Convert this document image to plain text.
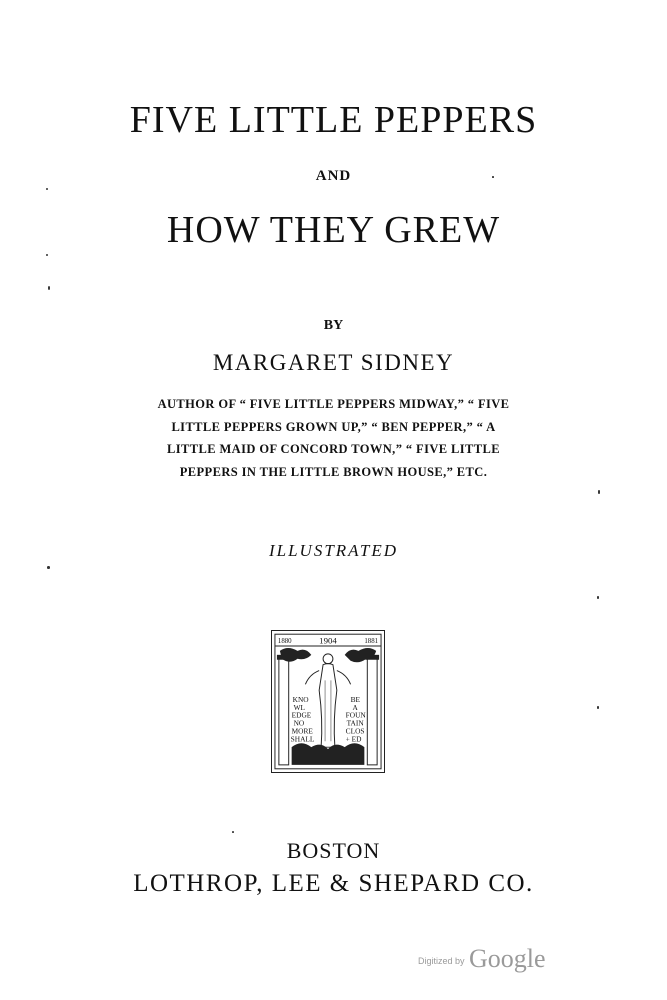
FIVE LITTLE PEPPERS
AND
HOW THEY GREW
BY
MARGARET SIDNEY
AUTHOR OF “ FIVE LITTLE PEPPERS MIDWAY,” “ FIVE
LITTLE PEPPERS GROWN UP,” “ BEN PEPPER,” “ A
LITTLE MAID OF CONCORD TOWN,” “ FIVE LITTLE
PEPPERS IN THE LITTLE BROWN HOUSE,” ETC.
ILLUSTRATED
1880	1904	1881
KNO WL EDGE NO MORE SHALL
BE A FOUN TAIN CLOS + ED
BOSTON
LOTHROP, LEE & SHEPARD CO.
Digitized by Google
